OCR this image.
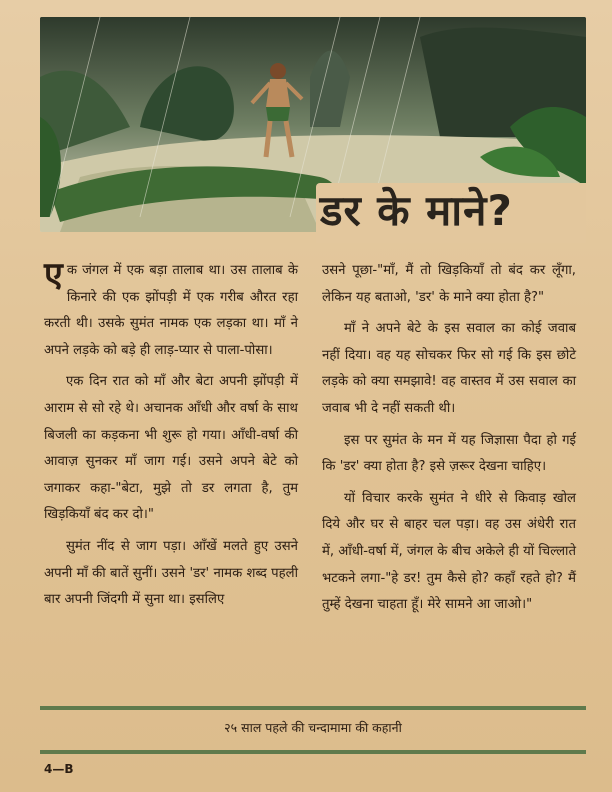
डर के माने?

एक जंगल में एक बड़ा तालाब था। उस तालाब के किनारे की एक झोंपड़ी में एक गरीब औरत रहा करती थी। उसके सुमंत नामक एक लड़का था। माँ ने अपने लड़के को बड़े ही लाड़-प्यार से पाला-पोसा।

एक दिन रात को माँ और बेटा अपनी झोंपड़ी में आराम से सो रहे थे। अचानक आँधी और वर्षा के साथ बिजली का कड़कना भी शुरू हो गया। आँधी-वर्षा की आवाज़ सुनकर माँ जाग गई। उसने अपने बेटे को जगाकर कहा-"बेटा, मुझे तो डर लगता है, तुम खिड़कियाँ बंद कर दो।"

सुमंत नींद से जाग पड़ा। आँखें मलते हुए उसने अपनी माँ की बातें सुनीं। उसने 'डर' नामक शब्द पहली बार अपनी जिंदगी में सुना था। इसलिए

उसने पूछा-"माँ, मैं तो खिड़कियाँ तो बंद कर लूँगा, लेकिन यह बताओ, 'डर' के माने क्या होता है?"

माँ ने अपने बेटे के इस सवाल का कोई जवाब नहीं दिया। वह यह सोचकर फिर सो गई कि इस छोटे लड़के को क्या समझावे! वह वास्तव में उस सवाल का जवाब भी दे नहीं सकती थी।

इस पर सुमंत के मन में यह जिज्ञासा पैदा हो गई कि 'डर' क्या होता है? इसे ज़रूर देखना चाहिए।

यों विचार करके सुमंत ने धीरे से किवाड़ खोल दिये और घर से बाहर चल पड़ा। वह उस अंधेरी रात में, आँधी-वर्षा में, जंगल के बीच अकेले ही यों चिल्लाते भटकने लगा-"हे डर! तुम कैसे हो? कहाँ रहते हो? मैं तुम्हें देखना चाहता हूँ। मेरे सामने आ जाओ।"

२५ साल पहले की चन्दामामा की कहानी
4—B
